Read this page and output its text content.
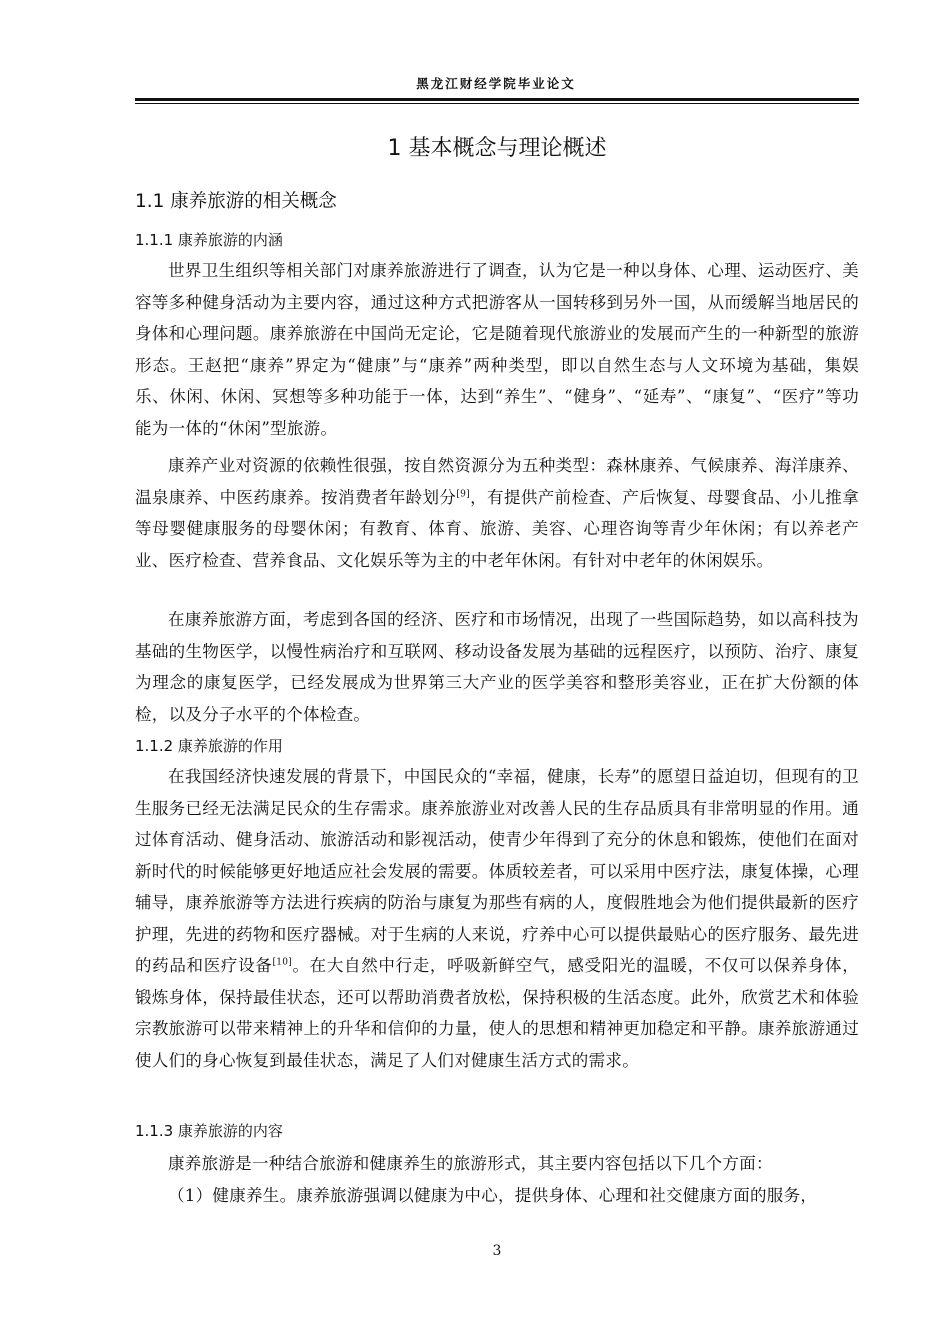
黑龙江财经学院毕业论文
1 基本概念与理论概述
1.1 康养旅游的相关概念
1.1.1 康养旅游的内涵

世界卫生组织等相关部门对康养旅游进行了调查，认为它是一种以身体、心理、运动医疗、美容等多种健身活动为主要内容，通过这种方式把游客从一国转移到另外一国，从而缓解当地居民的身体和心理问题。康养旅游在中国尚无定论，它是随着现代旅游业的发展而产生的一种新型的旅游形态。王赵把“康养”界定为“健康”与“康养”两种类型，即以自然生态与人文环境为基础，集娱乐、休闲、休闲、冥想等多种功能于一体，达到“养生”、“健身”、“延寿”、“康复”、“医疗”等功能为一体的“休闲”型旅游。

康养产业对资源的依赖性很强，按自然资源分为五种类型：森林康养、气候康养、海洋康养、温泉康养、中医药康养。按消费者年龄划分[9]，有提供产前检查、产后恢复、母婴食品、小儿推拿等母婴健康服务的母婴休闲；有教育、体育、旅游、美容、心理咨询等青少年休闲；有以养老产业、医疗检查、营养食品、文化娱乐等为主的中老年休闲。有针对中老年的休闲娱乐。

在康养旅游方面，考虑到各国的经济、医疗和市场情况，出现了一些国际趋势，如以高科技为基础的生物医学，以慢性病治疗和互联网、移动设备发展为基础的远程医疗，以预防、治疗、康复为理念的康复医学，已经发展成为世界第三大产业的医学美容和整形美容业，正在扩大份额的体检，以及分子水平的个体检查。

1.1.2 康养旅游的作用

在我国经济快速发展的背景下，中国民众的“幸福，健康，长寿”的愿望日益迫切，但现有的卫生服务已经无法满足民众的生存需求。康养旅游业对改善人民的生存品质具有非常明显的作用。通过体育活动、健身活动、旅游活动和影视活动，使青少年得到了充分的休息和锻炼，使他们在面对新时代的时候能够更好地适应社会发展的需要。体质较差者，可以采用中医疗法，康复体操，心理辅导，康养旅游等方法进行疾病的防治与康复为那些有病的人，度假胜地会为他们提供最新的医疗护理，先进的药物和医疗器械。对于生病的人来说，疗养中心可以提供最贴心的医疗服务、最先进的药品和医疗设备[10]。在大自然中行走，呼吸新鲜空气，感受阳光的温暖，不仅可以保养身体，锻炼身体，保持最佳状态，还可以帮助消费者放松，保持积极的生活态度。此外，欣赏艺术和体验宗教旅游可以带来精神上的升华和信仰的力量，使人的思想和精神更加稳定和平静。康养旅游通过使人们的身心恢复到最佳状态，满足了人们对健康生活方式的需求。

1.1.3 康养旅游的内容

康养旅游是一种结合旅游和健康养生的旅游形式，其主要内容包括以下几个方面：

（1）健康养生。康养旅游强调以健康为中心，提供身体、心理和社交健康方面的服务，

3
